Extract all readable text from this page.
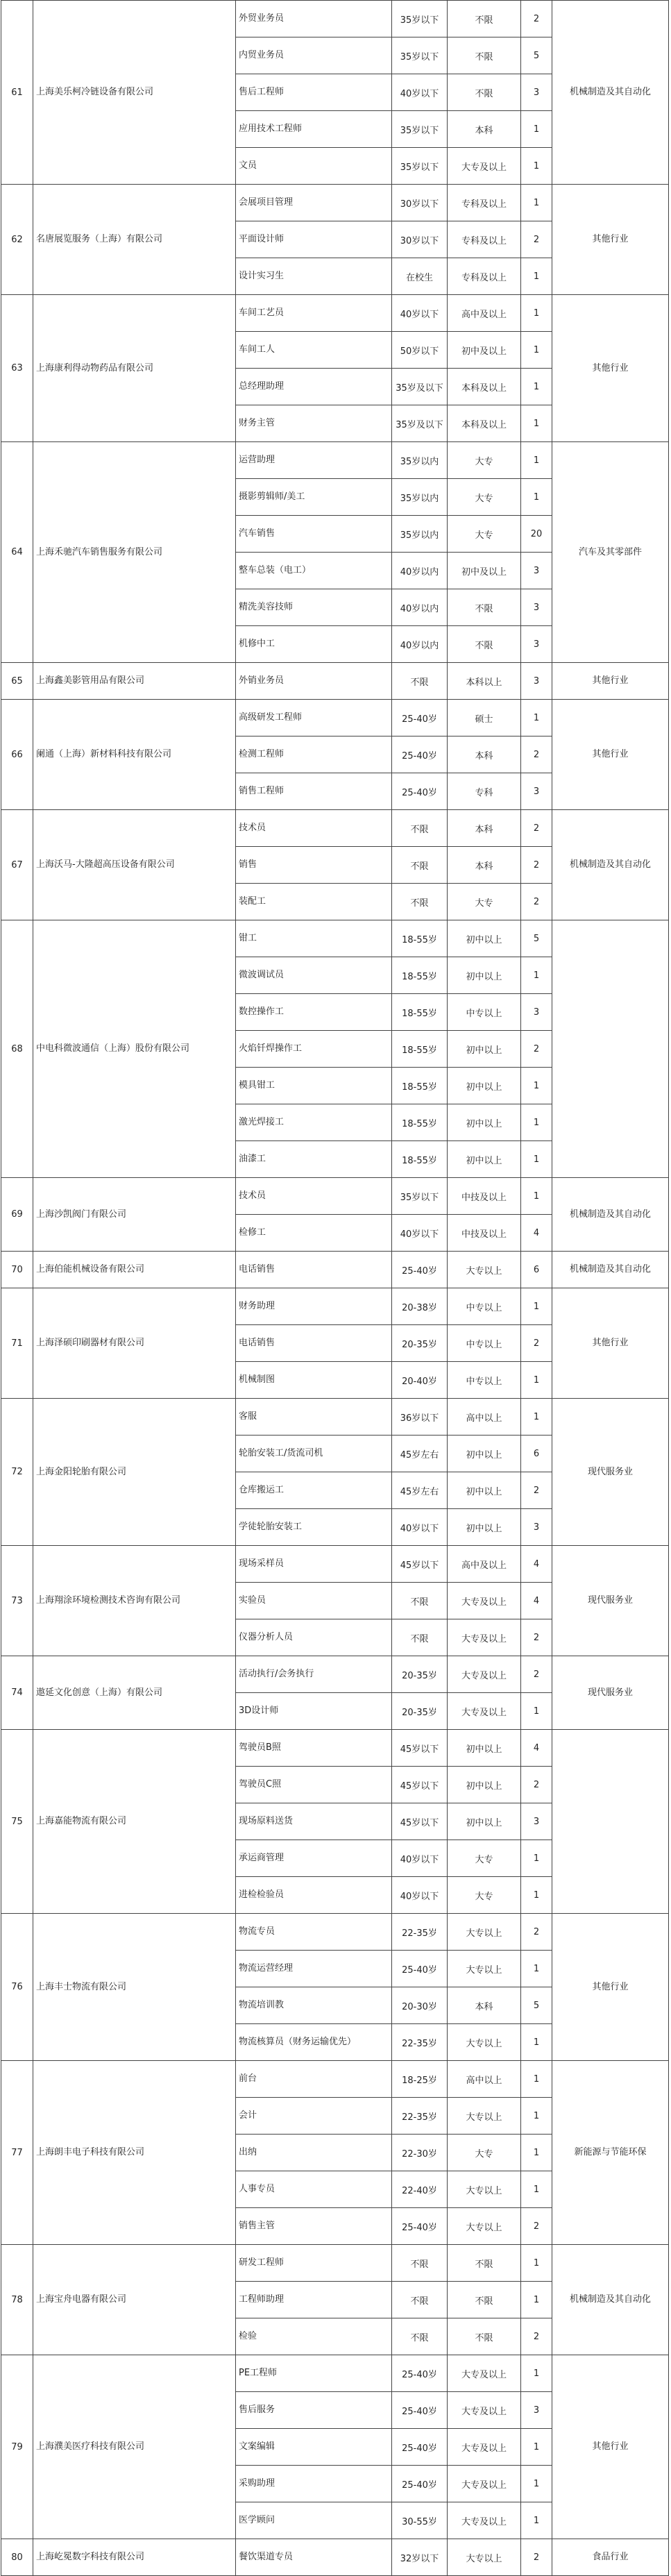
61	上海美乐柯冷链设备有限公司	外贸业务员	35岁以下	不限	2	机械制造及其自动化
		内贸业务员	35岁以下	不限	5	
		售后工程师	40岁以下	不限	3	
		应用技术工程师	35岁以下	本科	1	
		文员	35岁以下	大专及以上	1	
62	名唐展览服务（上海）有限公司	会展项目管理	30岁以下	专科及以上	1	其他行业
		平面设计师	30岁以下	专科及以上	2	
		设计实习生	在校生	专科及以上	1	
63	上海康利得动物药品有限公司	车间工艺员	40岁以下	高中及以上	1	其他行业
		车间工人	50岁以下	初中及以上	1	
		总经理助理	35岁及以下	本科及以上	1	
		财务主管	35岁及以下	本科及以上	1	
64	上海禾驰汽车销售服务有限公司	运营助理	35岁以内	大专	1	汽车及其零部件
		摄影剪辑师/美工	35岁以内	大专	1	
		汽车销售	35岁以内	大专	20	
		整车总装（电工）	40岁以内	初中及以上	3	
		精洗美容技师	40岁以内	不限	3	
		机修中工	40岁以内	不限	3	
65	上海鑫美影管用品有限公司	外销业务员	不限	本科以上	3	其他行业
66	阑通（上海）新材料科技有限公司	高级研发工程师	25-40岁	硕士	1	其他行业
		检测工程师	25-40岁	本科	2	
		销售工程师	25-40岁	专科	3	
67	上海沃马-大隆超高压设备有限公司	技术员	不限	本科	2	机械制造及其自动化
		销售	不限	本科	2	
		装配工	不限	大专	2	
68	中电科微波通信（上海）股份有限公司	钳工	18-55岁	初中以上	5	
		微波调试员	18-55岁	初中以上	1	
		数控操作工	18-55岁	中专以上	3	
		火焰钎焊操作工	18-55岁	初中以上	2	
		模具钳工	18-55岁	初中以上	1	
		激光焊接工	18-55岁	初中以上	1	
		油漆工	18-55岁	初中以上	1	
69	上海沙凯阀门有限公司	技术员	35岁以下	中技及以上	1	机械制造及其自动化
		检修工	40岁以下	中技及以上	4	
70	上海伯能机械设备有限公司	电话销售	25-40岁	大专以上	6	机械制造及其自动化
71	上海泽硕印刷器材有限公司	财务助理	20-38岁	中专以上	1	其他行业
		电话销售	20-35岁	中专以上	2	
		机械制图	20-40岁	中专以上	1	
72	上海金阳轮胎有限公司	客服	36岁以下	高中以上	1	现代服务业
		轮胎安装工/货流司机	45岁左右	初中以上	6	
		仓库搬运工	45岁左右	初中以上	2	
		学徒轮胎安装工	40岁以下	初中以上	3	
73	上海翔涂环境检测技术咨询有限公司	现场采样员	45岁以下	高中及以上	4	现代服务业
		实验员	不限	大专及以上	4	
		仪器分析人员	不限	大专及以上	2	
74	遨延文化创意（上海）有限公司	活动执行/会务执行	20-35岁	大专及以上	2	现代服务业
		3D设计师	20-35岁	大专及以上	1	
75	上海嘉能物流有限公司	驾驶员B照	45岁以下	初中以上	4	
		驾驶员C照	45岁以下	初中以上	2	
		现场原料送货	45岁以下	初中以上	3	
		承运商管理	40岁以下	大专	1	
		进检检验员	40岁以下	大专	1	
76	上海丰士物流有限公司	物流专员	22-35岁	大专以上	2	其他行业
		物流运营经理	25-40岁	大专以上	1	
		物流培训教	20-30岁	本科	5	
		物流核算员（财务运输优先）	22-35岁	大专以上	1	
77	上海朗丰电子科技有限公司	前台	18-25岁	高中以上	1	新能源与节能环保
		会计	22-35岁	大专以上	1	
		出纳	22-30岁	大专	1	
		人事专员	22-40岁	大专以上	1	
		销售主管	25-40岁	大专以上	2	
78	上海宝舟电器有限公司	研发工程师	不限	不限	1	机械制造及其自动化
		工程师助理	不限	不限	1	
		检验	不限	不限	2	
79	上海濮美医疗科技有限公司	PE工程师	25-40岁	大专及以上	1	其他行业
		售后服务	25-40岁	大专及以上	3	
		文案编辑	25-40岁	大专及以上	1	
		采购助理	25-40岁	大专及以上	1	
		医学顾问	30-55岁	大专及以上	1	
80	上海屹冕数字科技有限公司	餐饮渠道专员	32岁以下	大专以上	2	食品行业
